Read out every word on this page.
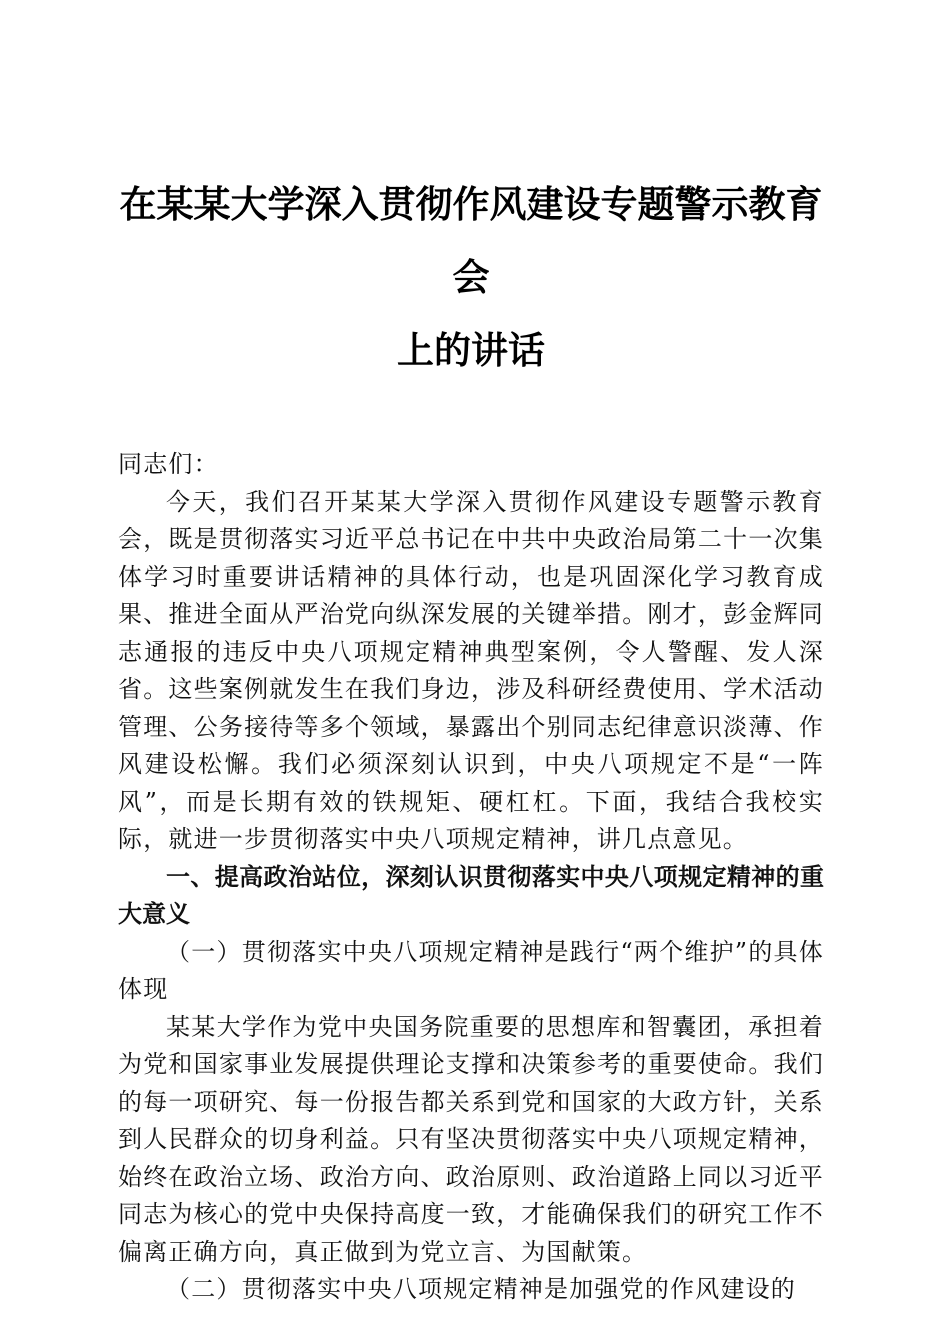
在某某大学深入贯彻作风建设专题警示教育会
上的讲话

同志们：

今天，我们召开某某大学深入贯彻作风建设专题警示教育会，既是贯彻落实习近平总书记在中共中央政治局第二十一次集体学习时重要讲话精神的具体行动，也是巩固深化学习教育成果、推进全面从严治党向纵深发展的关键举措。刚才，彭金辉同志通报的违反中央八项规定精神典型案例，令人警醒、发人深省。这些案例就发生在我们身边，涉及科研经费使用、学术活动管理、公务接待等多个领域，暴露出个别同志纪律意识淡薄、作风建设松懈。我们必须深刻认识到，中央八项规定不是“一阵风”，而是长期有效的铁规矩、硬杠杠。下面，我结合我校实际，就进一步贯彻落实中央八项规定精神，讲几点意见。

一、提高政治站位，深刻认识贯彻落实中央八项规定精神的重大意义

（一）贯彻落实中央八项规定精神是践行“两个维护”的具体体现

某某大学作为党中央国务院重要的思想库和智囊团，承担着为党和国家事业发展提供理论支撑和决策参考的重要使命。我们的每一项研究、每一份报告都关系到党和国家的大政方针，关系到人民群众的切身利益。只有坚决贯彻落实中央八项规定精神，始终在政治立场、政治方向、政治原则、政治道路上同以习近平同志为核心的党中央保持高度一致，才能确保我们的研究工作不偏离正确方向，真正做到为党立言、为国献策。

（二）贯彻落实中央八项规定精神是加强党的作风建设的
